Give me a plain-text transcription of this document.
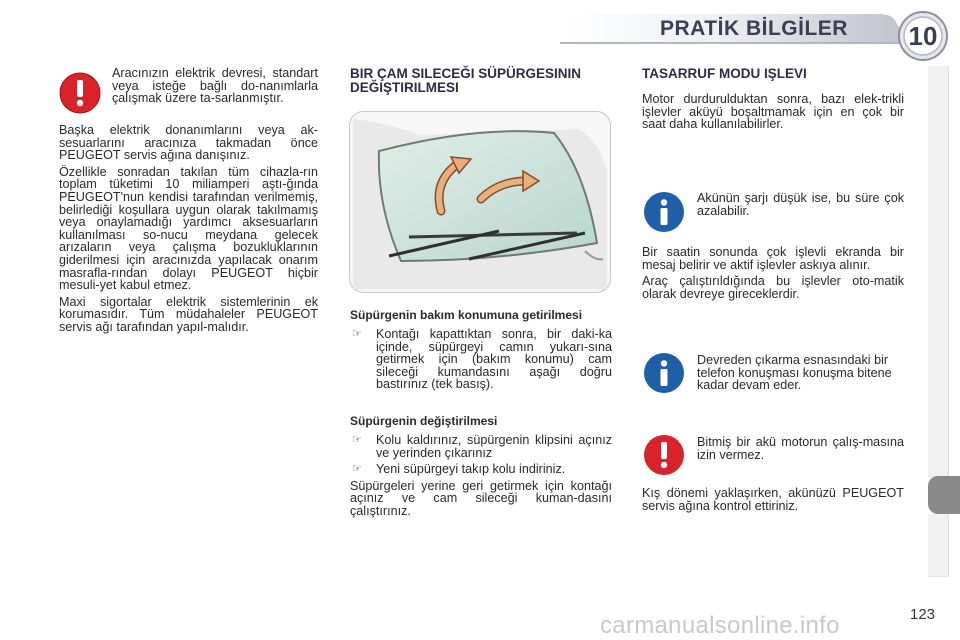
PRATİK BİLGİLER	10

Aracınızın elektrik devresi, standart veya isteğe bağlı do-nanımlarla çalışmak üzere ta-sarlanmıştır.

Başka elektrik donanımlarını veya ak-sesuarlarını aracınıza takmadan önce PEUGEOT servis ağına danışınız.

Özellikle sonradan takılan tüm cihazla-rın toplam tüketimi 10 miliamperi aştı-ğında PEUGEOT'nun kendisi tarafından verilmemiş, belirlediği koşullara uygun olarak takılmamış veya onaylamadığı yardımcı aksesuarların kullanılması so-nucu meydana gelecek arızaların veya çalışma bozukluklarının giderilmesi için aracınızda yapılacak onarım masrafla-rından dolayı PEUGEOT hiçbir mesuli-yet kabul etmez.

Maxi sigortalar elektrik sistemlerinin ek korumasıdır. Tüm müdahaleler PEUGEOT servis ağı tarafından yapıl-malıdır.

BIR ÇAM SILECEĞI SÜPÜRGESININ DEĞIŞTIRILMESI

Süpürgenin bakım konumuna getirilmesi

☞	Kontağı kapattıktan sonra, bir daki-ka içinde, süpürgeyi camın yukarı-sına getirmek için (bakım konumu) cam sileceği kumandasını aşağı doğru bastırınız (tek basış).

Süpürgenin değiştirilmesi

☞	Kolu kaldırınız, süpürgenin klipsini açınız ve yerinden çıkarınız
☞	Yeni süpürgeyi takıp kolu indiriniz.

Süpürgeleri yerine geri getirmek için kontağı açınız ve cam sileceği kuman-dasını çalıştırınız.

TASARRUF MODU IŞLEVI

Motor durdurulduktan sonra, bazı elek-trikli işlevler aküyü boşaltmamak için en çok bir saat daha kullanılabilirler.

Akünün şarjı düşük ise, bu süre çok azalabilir.

Bir saatin sonunda çok işlevli ekranda bir mesaj belirir ve aktif işlevler askıya alınır.

Araç çalıştırıldığında bu işlevler oto-matik olarak devreye gireceklerdir.

Devreden çıkarma esnasındaki bir telefon konuşması konuşma bitene kadar devam eder.

Bitmiş bir akü motorun çalış-masına izin vermez.

Kış dönemi yaklaşırken, akünüzü PEUGEOT servis ağına kontrol ettiriniz.

carmanualsonline.info	123
